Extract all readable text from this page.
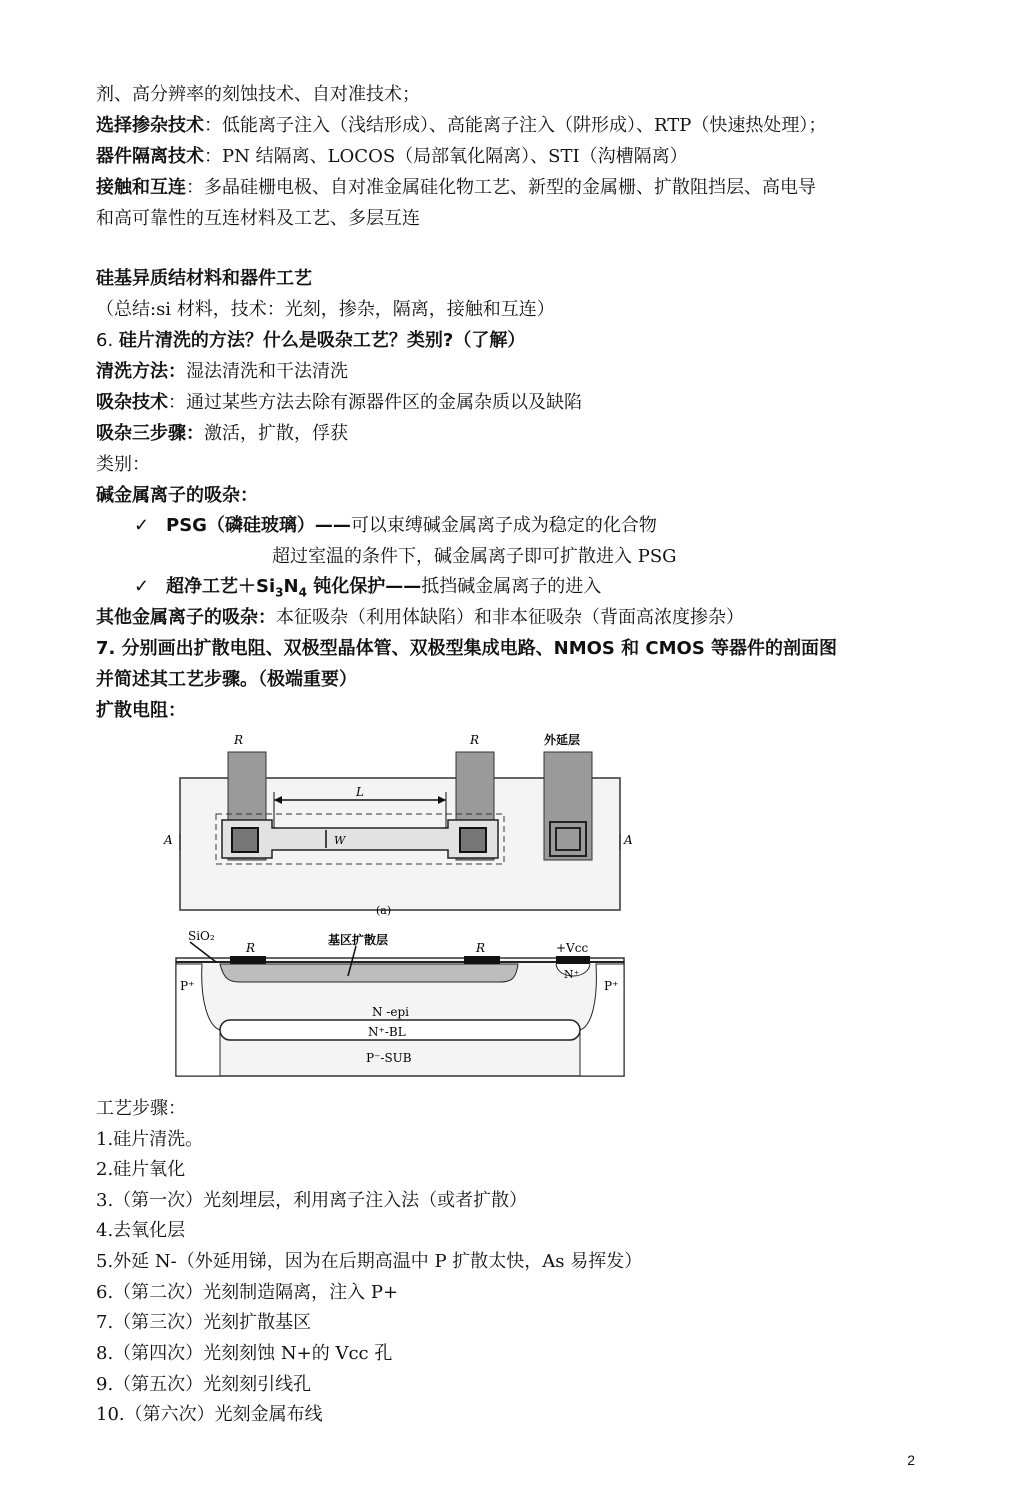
剂、高分辨率的刻蚀技术、自对准技术；
选择掺杂技术：低能离子注入（浅结形成）、高能离子注入（阱形成）、RTP（快速热处理）；
器件隔离技术：PN 结隔离、LOCOS（局部氧化隔离）、STI（沟槽隔离）
接触和互连：多晶硅栅电极、自对准金属硅化物工艺、新型的金属栅、扩散阻挡层、高电导
和高可靠性的互连材料及工艺、多层互连
硅基异质结材料和器件工艺
（总结:si 材料，技术：光刻，掺杂，隔离，接触和互连）
6. 硅片清洗的方法？什么是吸杂工艺？类别?（了解）
清洗方法：湿法清洗和干法清洗
吸杂技术：通过某些方法去除有源器件区的金属杂质以及缺陷
吸杂三步骤：激活，扩散，俘获
类别：
碱金属离子的吸杂：
✓ PSG（磷硅玻璃）——可以束缚碱金属离子成为稳定的化合物
超过室温的条件下，碱金属离子即可扩散进入 PSG
✓ 超净工艺$+Si_3N_4$ 钝化保护——抵挡碱金属离子的进入
其他金属离子的吸杂：本征吸杂（利用体缺陷）和非本征吸杂（背面高浓度掺杂）
7. 分别画出扩散电阻、双极型晶体管、双极型集成电路、NMOS 和 CMOS 等器件的剖面图
并简述其工艺步骤。（极端重要）
扩散电阻：
R	R	外延层
L
W
A	A
(a)
SiO₂
R	R
基区扩散层
+Vcc
N⁺
P⁺	P⁺
N -epi
N⁺-BL
P⁻-SUB
工艺步骤：
1.硅片清洗。
2.硅片氧化
3.（第一次）光刻埋层，利用离子注入法（或者扩散）
4.去氧化层
5.外延 N-（外延用锑，因为在后期高温中 P 扩散太快，As 易挥发）
6.（第二次）光刻制造隔离，注入 P+
7.（第三次）光刻扩散基区
8.（第四次）光刻刻蚀 N+的 Vcc 孔
9.（第五次）光刻刻引线孔
10.（第六次）光刻金属布线
2
